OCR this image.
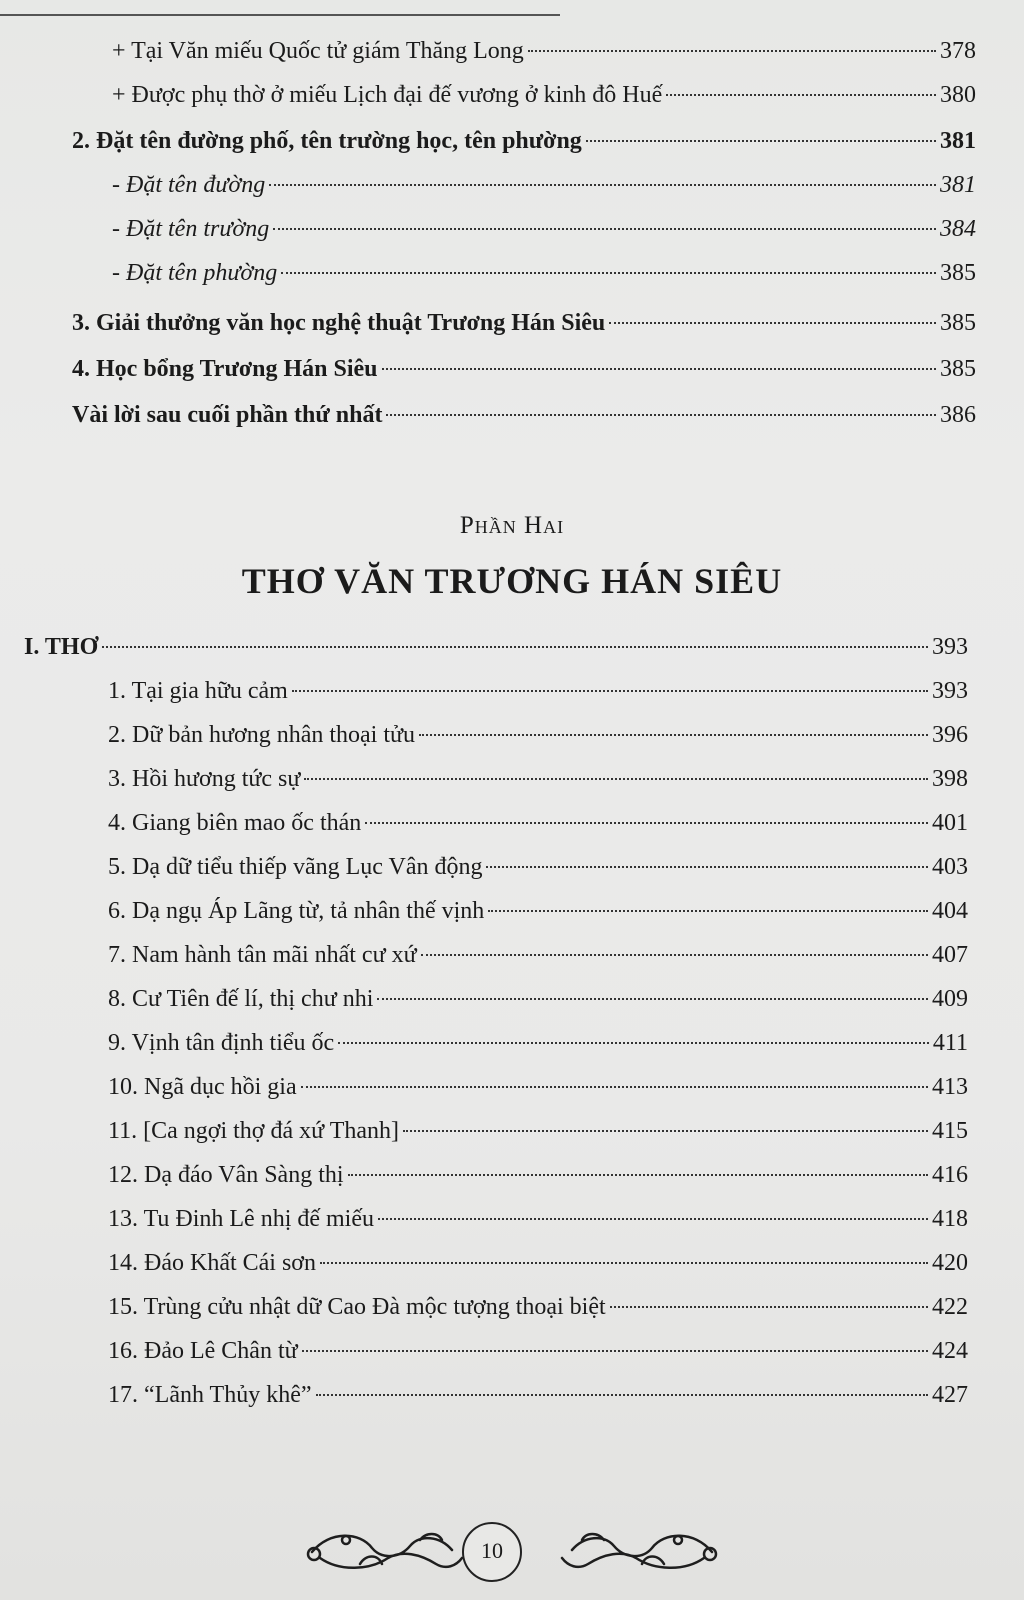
+ Tại Văn miếu Quốc tử giám Thăng Long	378
+ Được phụ thờ ở miếu Lịch đại đế vương ở kinh đô Huế	380
2. Đặt tên đường phố, tên trường học, tên phường	381
- Đặt tên đường	381
- Đặt tên trường	384
- Đặt tên phường	385
3. Giải thưởng văn học nghệ thuật Trương Hán Siêu	385
4. Học bổng Trương Hán Siêu	385
Vài lời sau cuối phần thứ nhất	386
Phần Hai
THƠ VĂN TRƯƠNG HÁN SIÊU
I. THƠ	393
1. Tại gia hữu cảm	393
2. Dữ bản hương nhân thoại tửu	396
3. Hồi hương tức sự	398
4. Giang biên mao ốc thán	401
5. Dạ dữ tiểu thiếp vãng Lục Vân động	403
6. Dạ ngụ Áp Lãng từ, tả nhân thế vịnh	404
7. Nam hành tân mãi nhất cư xứ	407
8. Cư Tiên đế lí, thị chư nhi	409
9. Vịnh tân định tiểu ốc	411
10. Ngã dục hồi gia	413
11. [Ca ngợi thợ đá xứ Thanh]	415
12. Dạ đáo Vân Sàng thị	416
13. Tu Đinh Lê nhị đế miếu	418
14. Đáo Khất Cái sơn	420
15. Trùng cửu nhật dữ Cao Đà mộc tượng thoại biệt	422
16. Đảo Lê Chân từ	424
17. “Lãnh Thủy khê”	427
10
